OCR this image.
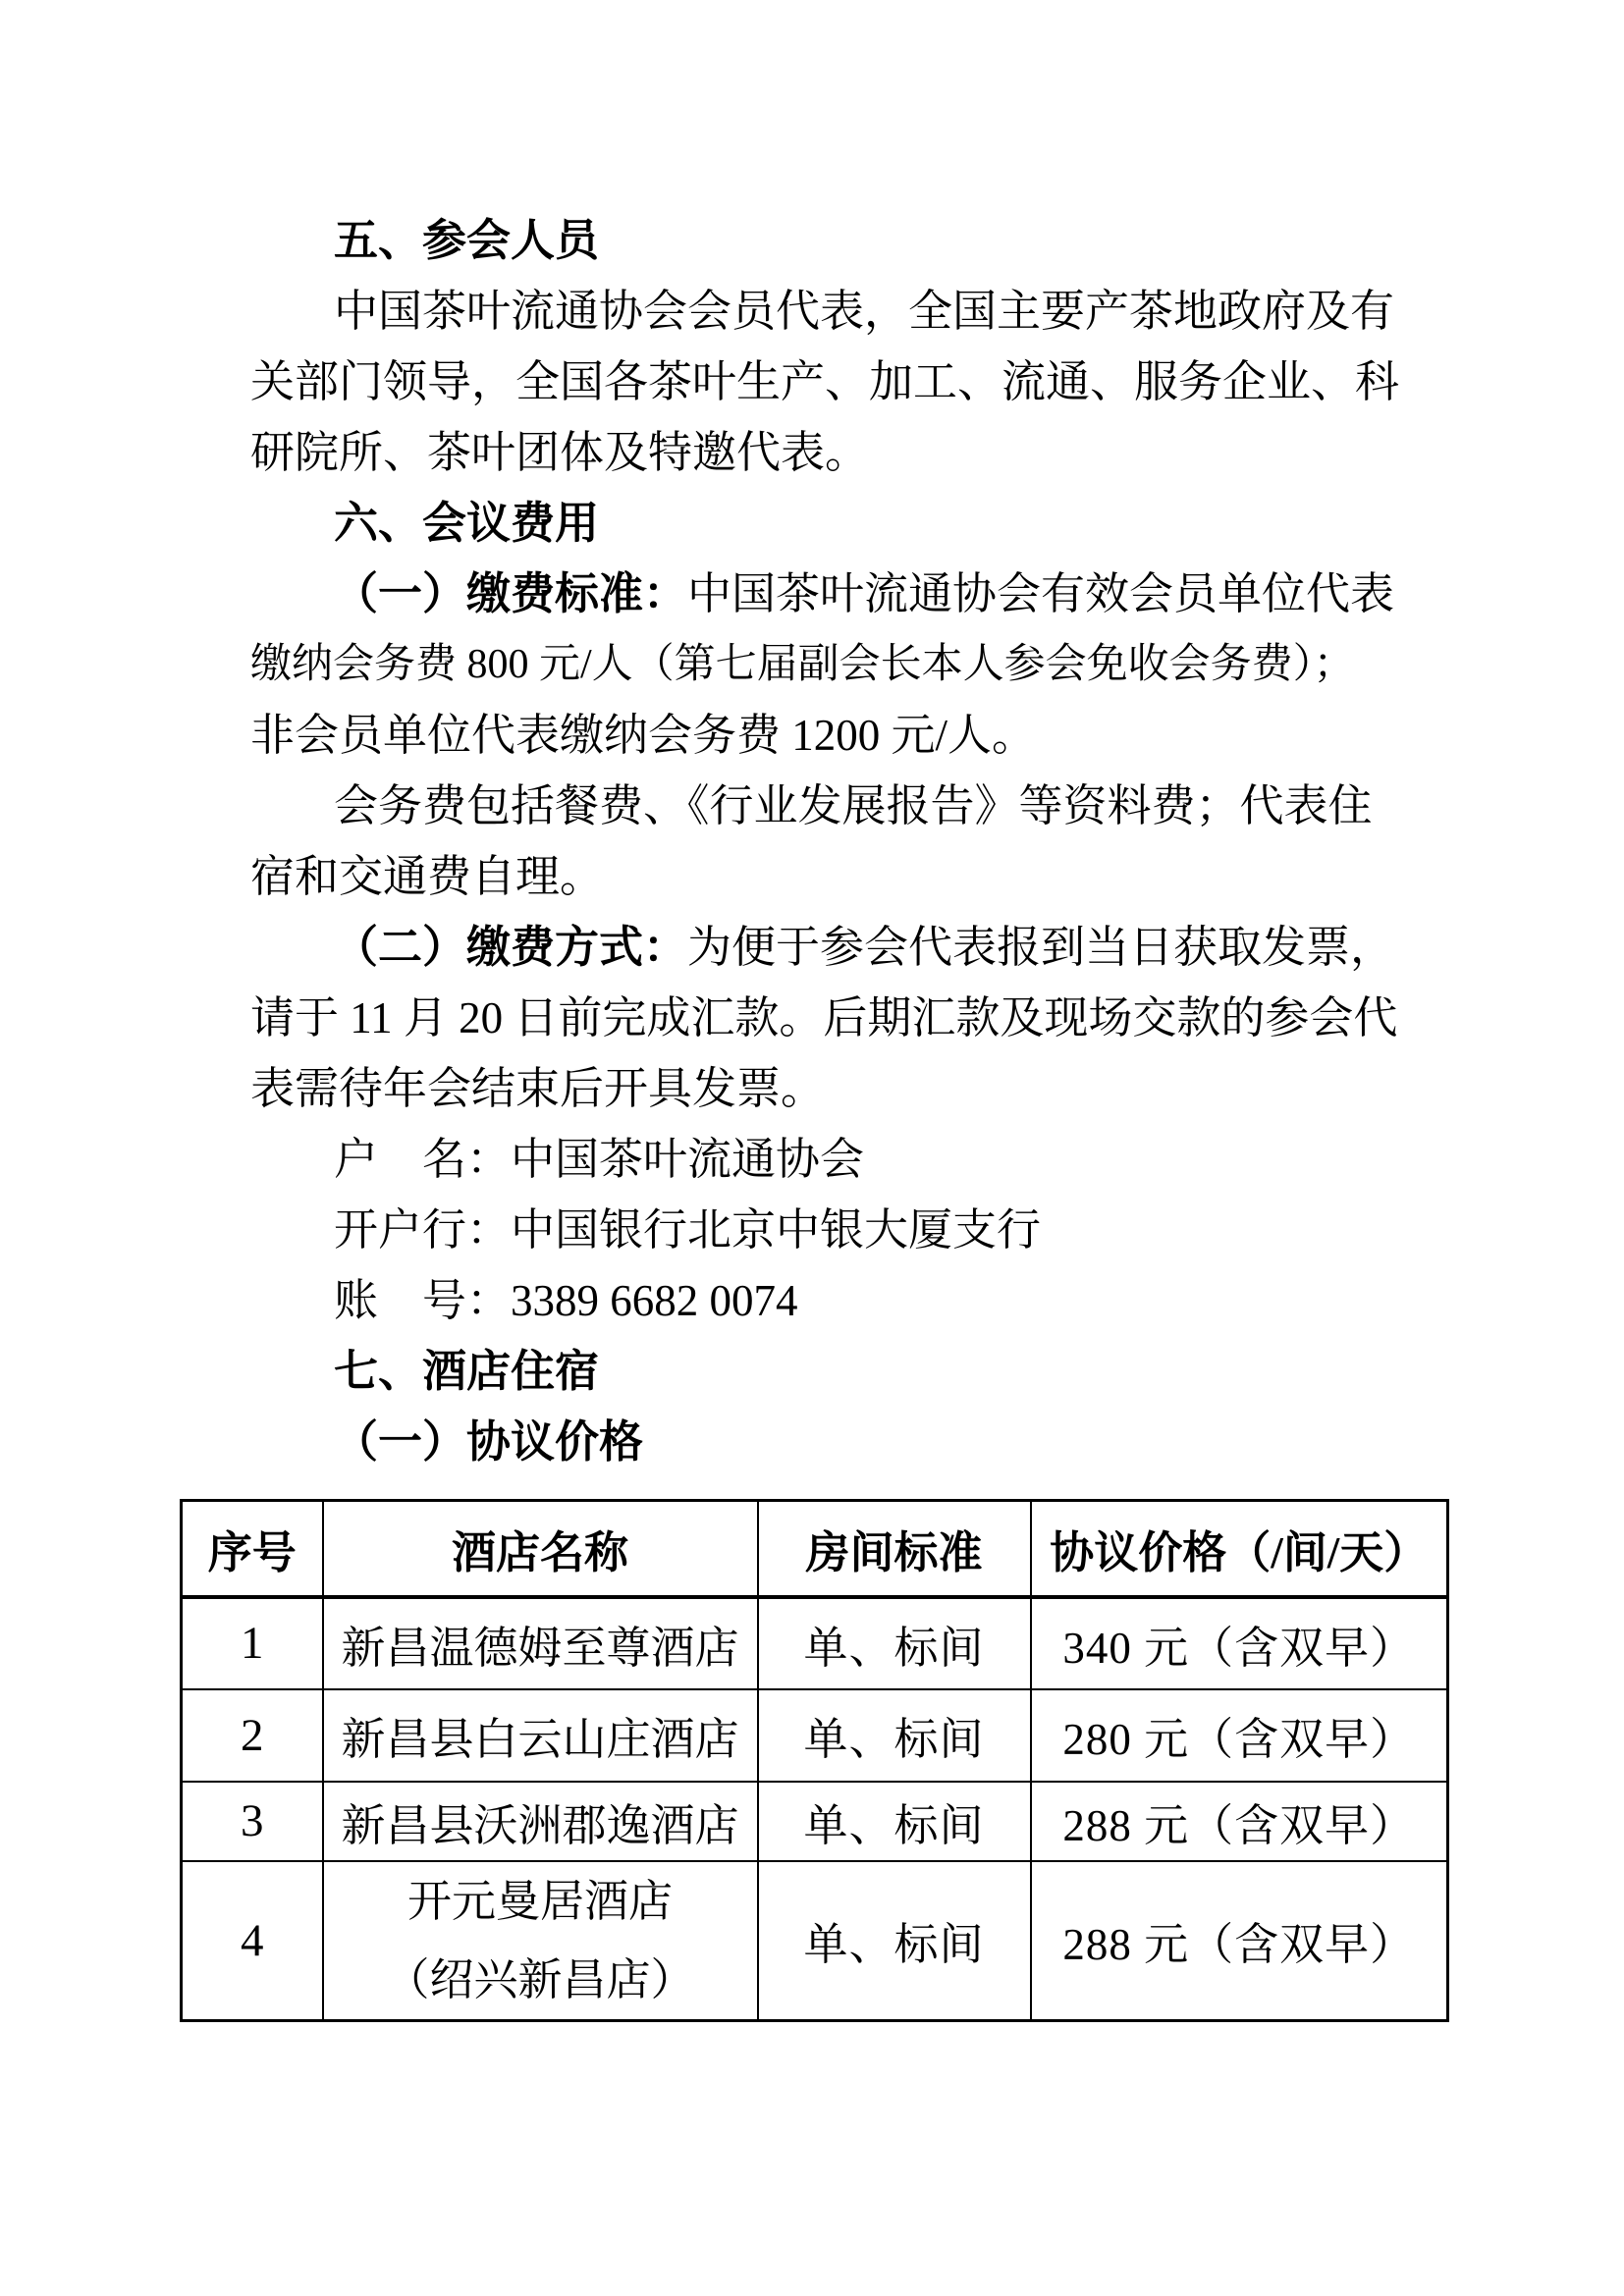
五、参会人员
中国茶叶流通协会会员代表，全国主要产茶地政府及有
关部门领导，全国各茶叶生产、加工、流通、服务企业、科
研院所、茶叶团体及特邀代表。
六、会议费用
（一）缴费标准：中国茶叶流通协会有效会员单位代表
缴纳会务费 800 元/人（第七届副会长本人参会免收会务费）；
非会员单位代表缴纳会务费 1200 元/人。
会务费包括餐费、《行业发展报告》等资料费；代表住
宿和交通费自理。
（二）缴费方式：为便于参会代表报到当日获取发票，
请于 11 月 20 日前完成汇款。后期汇款及现场交款的参会代
表需待年会结束后开具发票。
户　名：中国茶叶流通协会
开户行：中国银行北京中银大厦支行
账　号：3389 6682 0074
七、酒店住宿
（一）协议价格
序号	酒店名称	房间标准	协议价格（/间/天）
1	新昌温德姆至尊酒店	单、标间	340 元（含双早）
2	新昌县白云山庄酒店	单、标间	280 元（含双早）
3	新昌县沃洲郡逸酒店	单、标间	288 元（含双早）
4	开元曼居酒店
（绍兴新昌店）	单、标间	288 元（含双早）
